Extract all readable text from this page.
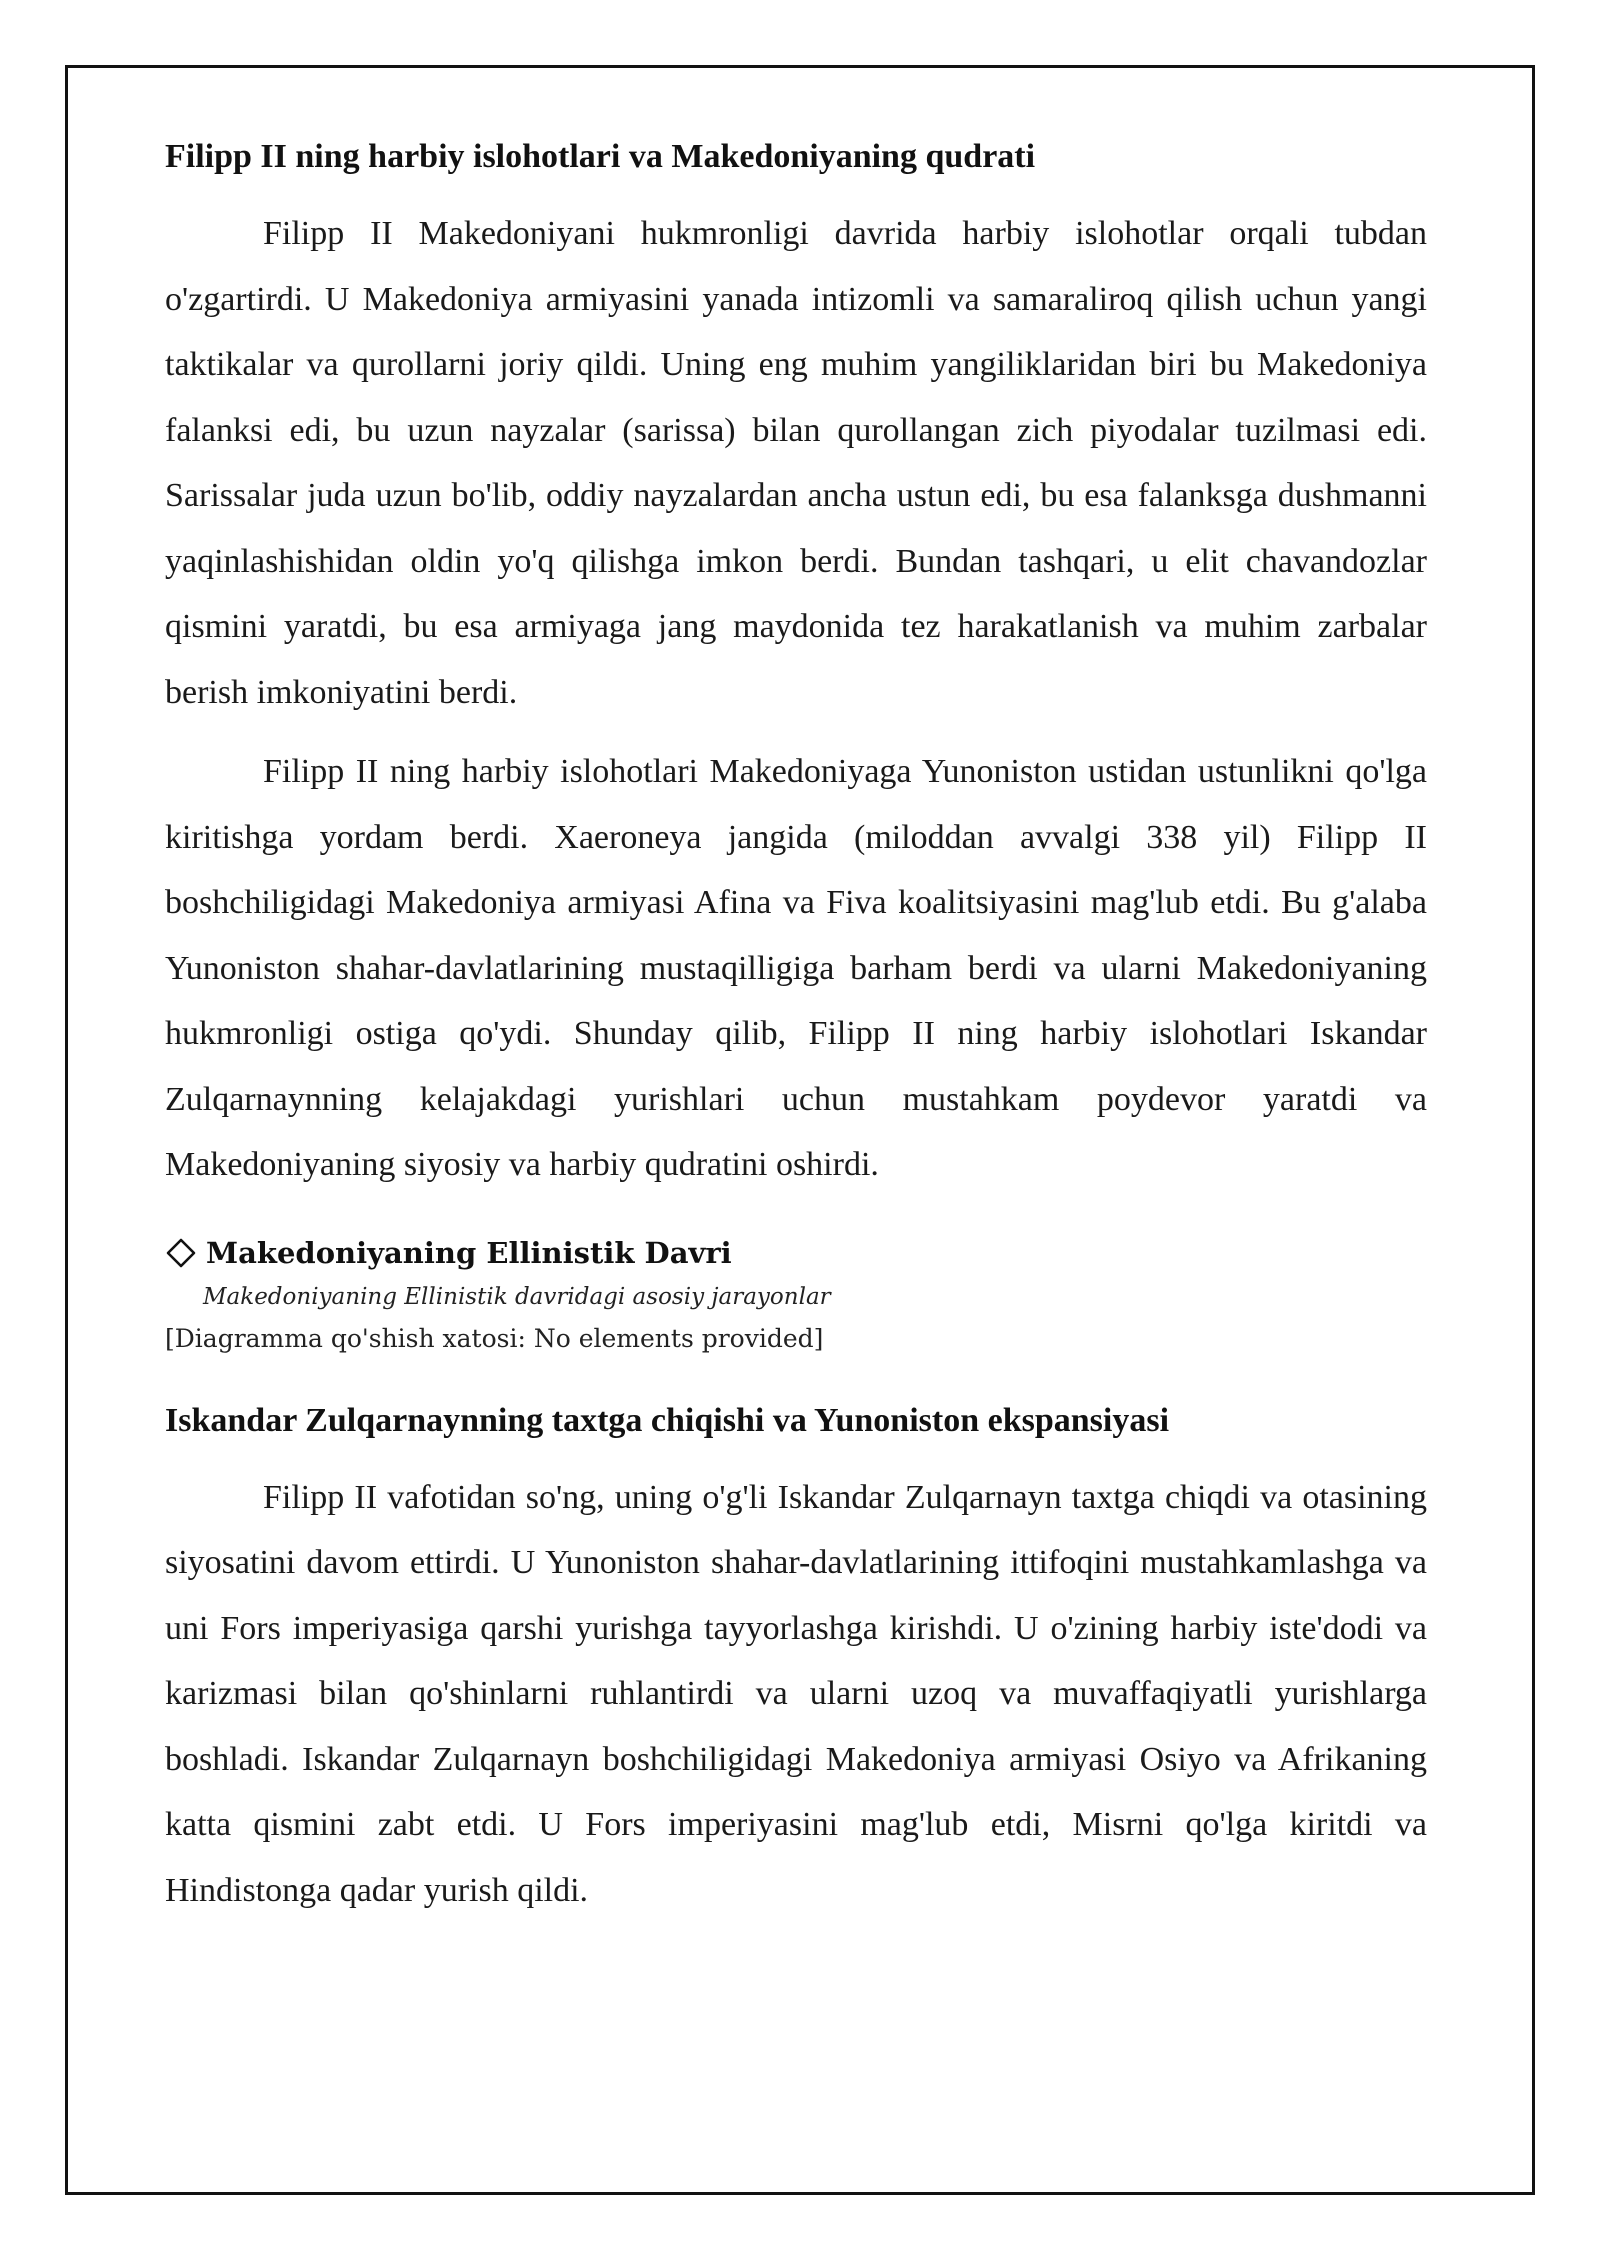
Filipp II ning harbiy islohotlari va Makedoniyaning qudrati

Filipp II Makedoniyani hukmronligi davrida harbiy islohotlar orqali tubdan o'zgartirdi. U Makedoniya armiyasini yanada intizomli va samaraliroq qilish uchun yangi taktikalar va qurollarni joriy qildi. Uning eng muhim yangiliklaridan biri bu Makedoniya falanksi edi, bu uzun nayzalar (sarissa) bilan qurollangan zich piyodalar tuzilmasi edi. Sarissalar juda uzun bo'lib, oddiy nayzalardan ancha ustun edi, bu esa falanksga dushmanni yaqinlashishidan oldin yo'q qilishga imkon berdi. Bundan tashqari, u elit chavandozlar qismini yaratdi, bu esa armiyaga jang maydonida tez harakatlanish va muhim zarbalar berish imkoniyatini berdi.

Filipp II ning harbiy islohotlari Makedoniyaga Yunoniston ustidan ustunlikni qo'lga kiritishga yordam berdi. Xaeroneya jangida (miloddan avvalgi 338 yil) Filipp II boshchiligidagi Makedoniya armiyasi Afina va Fiva koalitsiyasini mag'lub etdi. Bu g'alaba Yunoniston shahar-davlatlarining mustaqilligiga barham berdi va ularni Makedoniyaning hukmronligi ostiga qo'ydi. Shunday qilib, Filipp II ning harbiy islohotlari Iskandar Zulqarnaynning kelajakdagi yurishlari uchun mustahkam poydevor yaratdi va Makedoniyaning siyosiy va harbiy qudratini oshirdi.

Makedoniyaning Ellinistik Davri
Makedoniyaning Ellinistik davridagi asosiy jarayonlar
[Diagramma qo'shish xatosi: No elements provided]
Iskandar Zulqarnaynning taxtga chiqishi va Yunoniston ekspansiyasi

Filipp II vafotidan so'ng, uning o'g'li Iskandar Zulqarnayn taxtga chiqdi va otasining siyosatini davom ettirdi. U Yunoniston shahar-davlatlarining ittifoqini mustahkamlashga va uni Fors imperiyasiga qarshi yurishga tayyorlashga kirishdi. U o'zining harbiy iste'dodi va karizmasi bilan qo'shinlarni ruhlantirdi va ularni uzoq va muvaffaqiyatli yurishlarga boshladi. Iskandar Zulqarnayn boshchiligidagi Makedoniya armiyasi Osiyo va Afrikaning katta qismini zabt etdi. U Fors imperiyasini mag'lub etdi, Misrni qo'lga kiritdi va Hindistonga qadar yurish qildi.
